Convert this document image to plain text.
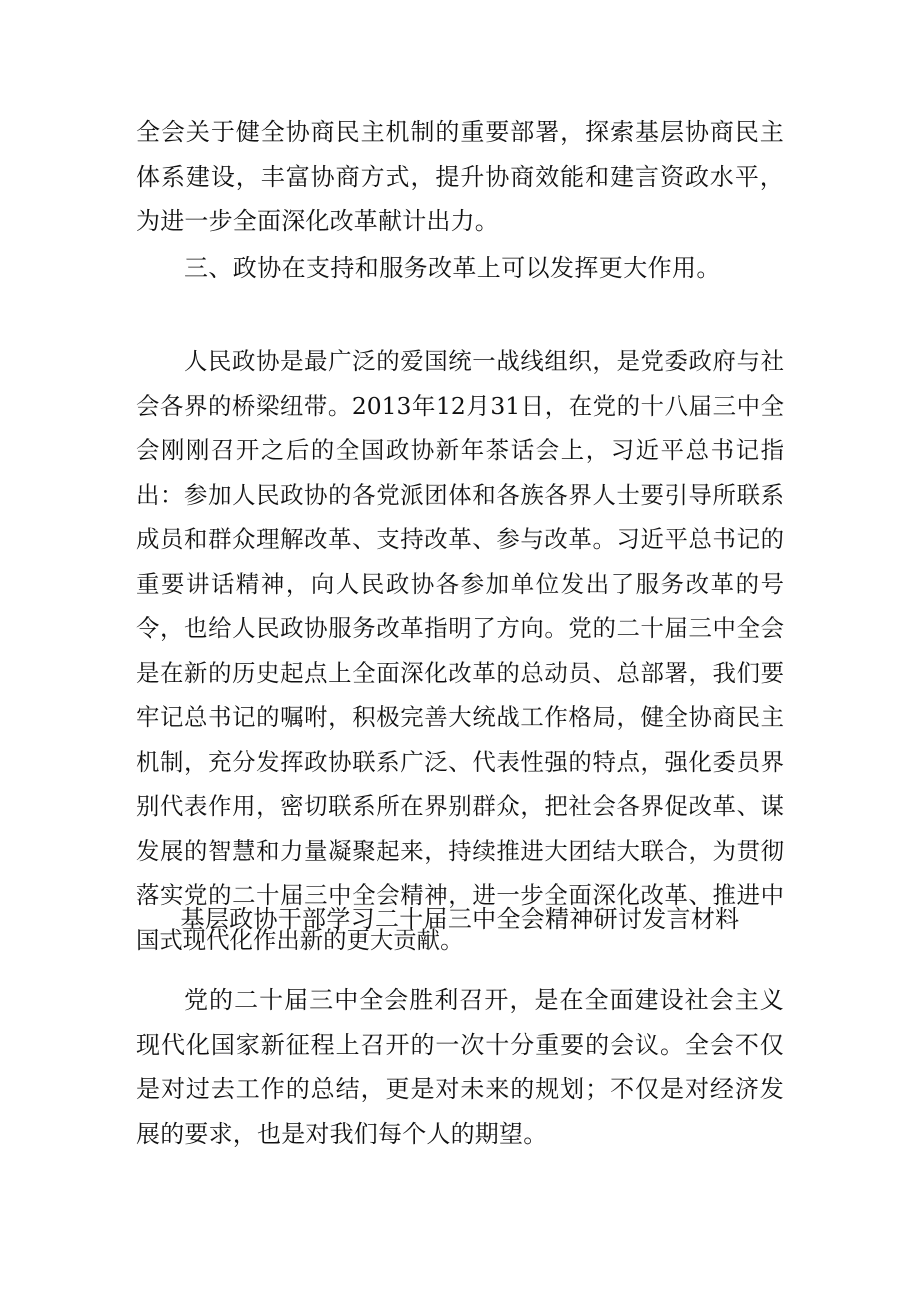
全会关于健全协商民主机制的重要部署，探索基层协商民主体系建设，丰富协商方式，提升协商效能和建言资政水平，为进一步全面深化改革献计出力。

三、政协在支持和服务改革上可以发挥更大作用。

人民政协是最广泛的爱国统一战线组织，是党委政府与社会各界的桥梁纽带。2013年12月31日，在党的十八届三中全会刚刚召开之后的全国政协新年茶话会上，习近平总书记指出：参加人民政协的各党派团体和各族各界人士要引导所联系成员和群众理解改革、支持改革、参与改革。习近平总书记的重要讲话精神，向人民政协各参加单位发出了服务改革的号令，也给人民政协服务改革指明了方向。党的二十届三中全会是在新的历史起点上全面深化改革的总动员、总部署，我们要牢记总书记的嘱咐，积极完善大统战工作格局，健全协商民主机制，充分发挥政协联系广泛、代表性强的特点，强化委员界别代表作用，密切联系所在界别群众，把社会各界促改革、谋发展的智慧和力量凝聚起来，持续推进大团结大联合，为贯彻落实党的二十届三中全会精神，进一步全面深化改革、推进中国式现代化作出新的更大贡献。

基层政协干部学习二十届三中全会精神研讨发言材料

党的二十届三中全会胜利召开，是在全面建设社会主义现代化国家新征程上召开的一次十分重要的会议。全会不仅是对过去工作的总结，更是对未来的规划；不仅是对经济发展的要求，也是对我们每个人的期望。
